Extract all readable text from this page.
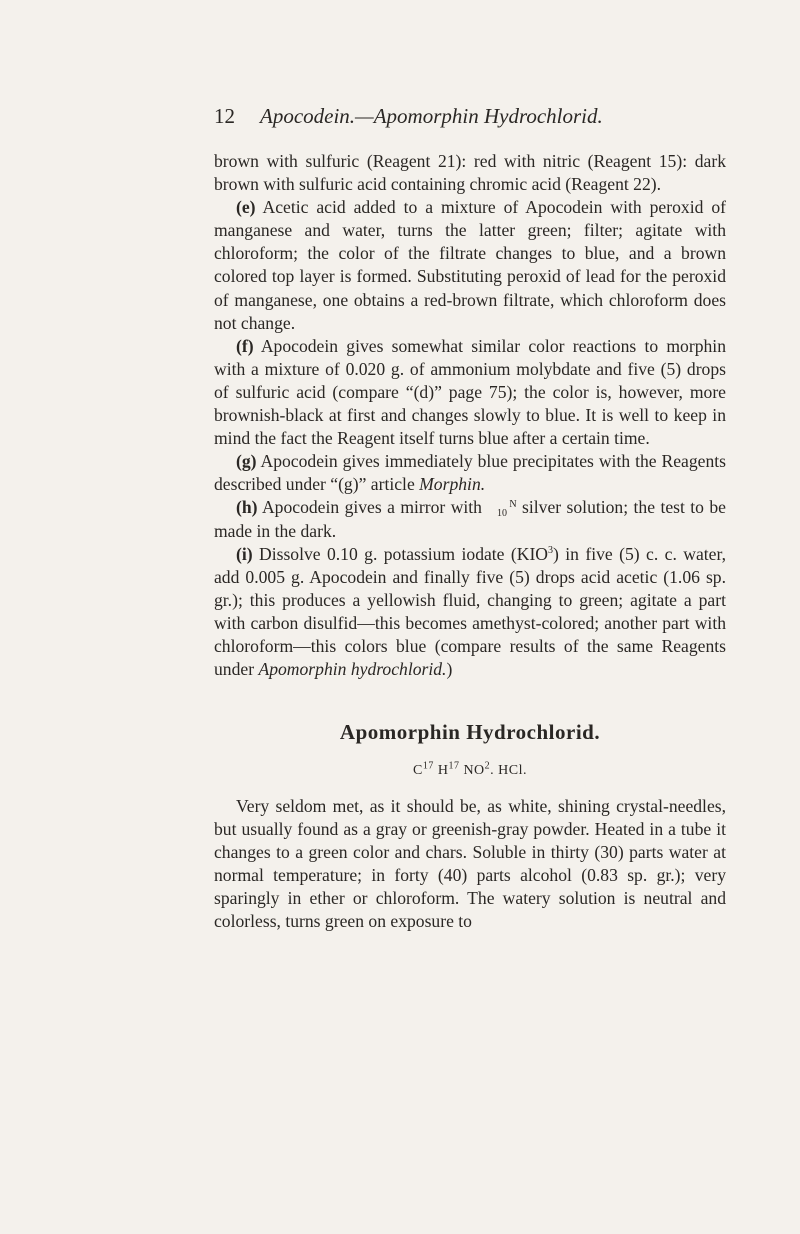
12 Apocodein.—Apomorphin Hydrochlorid.

brown with sulfuric (Reagent 21): red with nitric (Reagent 15): dark brown with sulfuric acid containing chromic acid (Reagent 22).

(e) Acetic acid added to a mixture of Apocodein with peroxid of manganese and water, turns the latter green; filter; agitate with chloroform; the color of the filtrate changes to blue, and a brown colored top layer is formed. Substituting peroxid of lead for the peroxid of manganese, one obtains a red-brown filtrate, which chloroform does not change.

(f) Apocodein gives somewhat similar color reactions to morphin with a mixture of 0.020 g. of ammonium molybdate and five (5) drops of sulfuric acid (compare “(d)” page 75); the color is, however, more brownish-black at first and changes slowly to blue. It is well to keep in mind the fact the Reagent itself turns blue after a certain time.

(g) Apocodein gives immediately blue precipitates with the Reagents described under “(g)” article Morphin.

(h) Apocodein gives a mirror with N
10 silver solution; the test to be made in the dark.

(i) Dissolve 0.10 g. potassium iodate (KIO$^3$) in five (5) c. c. water, add 0.005 g. Apocodein and finally five (5) drops acid acetic (1.06 sp. gr.); this produces a yellowish fluid, changing to green; agitate a part with carbon disulfid—this becomes amethyst-colored; another part with chloroform—this colors blue (compare results of the same Reagents under Apomorphin hydrochlorid.)

Apomorphin Hydrochlorid.
$C^{17}$ $H^{17}$ $NO^2$. HCl.

Very seldom met, as it should be, as white, shining crystal-needles, but usually found as a gray or greenish-gray powder. Heated in a tube it changes to a green color and chars. Soluble in thirty (30) parts water at normal temperature; in forty (40) parts alcohol (0.83 sp. gr.); very sparingly in ether or chloroform. The watery solution is neutral and colorless, turns green on exposure to
